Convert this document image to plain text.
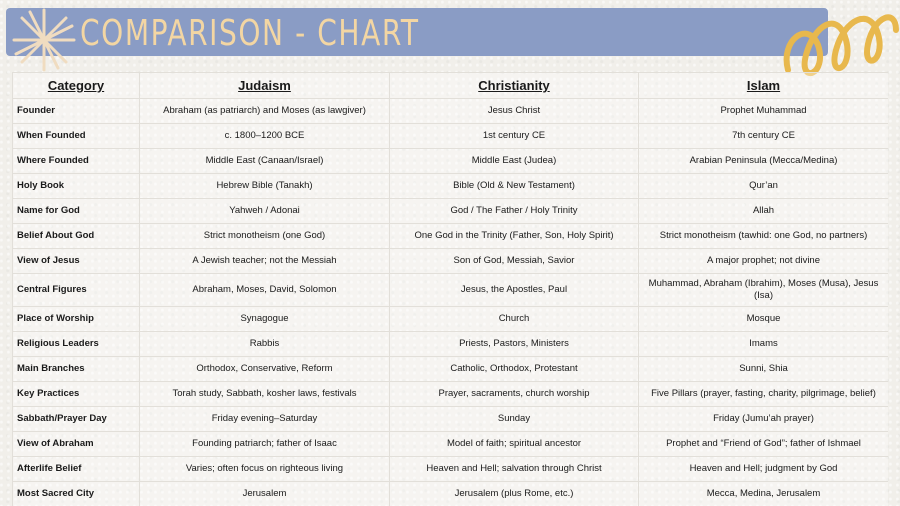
COMPARISON - CHART
Category	Judaism	Christianity	Islam
Founder	Abraham (as patriarch) and Moses (as lawgiver)	Jesus Christ	Prophet Muhammad
When Founded	c. 1800–1200 BCE	1st century CE	7th century CE
Where Founded	Middle East (Canaan/Israel)	Middle East (Judea)	Arabian Peninsula (Mecca/Medina)
Holy Book	Hebrew Bible (Tanakh)	Bible (Old & New Testament)	Qur’an
Name for God	Yahweh / Adonai	God / The Father / Holy Trinity	Allah
Belief About God	Strict monotheism (one God)	One God in the Trinity (Father, Son, Holy Spirit)	Strict monotheism (tawhid: one God, no partners)
View of Jesus	A Jewish teacher; not the Messiah	Son of God, Messiah, Savior	A major prophet; not divine
Central Figures	Abraham, Moses, David, Solomon	Jesus, the Apostles, Paul	Muhammad, Abraham (Ibrahim), Moses (Musa), Jesus (Isa)
Place of Worship	Synagogue	Church	Mosque
Religious Leaders	Rabbis	Priests, Pastors, Ministers	Imams
Main Branches	Orthodox, Conservative, Reform	Catholic, Orthodox, Protestant	Sunni, Shia
Key Practices	Torah study, Sabbath, kosher laws, festivals	Prayer, sacraments, church worship	Five Pillars (prayer, fasting, charity, pilgrimage, belief)
Sabbath/Prayer Day	Friday evening–Saturday	Sunday	Friday (Jumu’ah prayer)
View of Abraham	Founding patriarch; father of Isaac	Model of faith; spiritual ancestor	Prophet and “Friend of God”; father of Ishmael
Afterlife Belief	Varies; often focus on righteous living	Heaven and Hell; salvation through Christ	Heaven and Hell; judgment by God
Most Sacred City	Jerusalem	Jerusalem (plus Rome, etc.)	Mecca, Medina, Jerusalem
